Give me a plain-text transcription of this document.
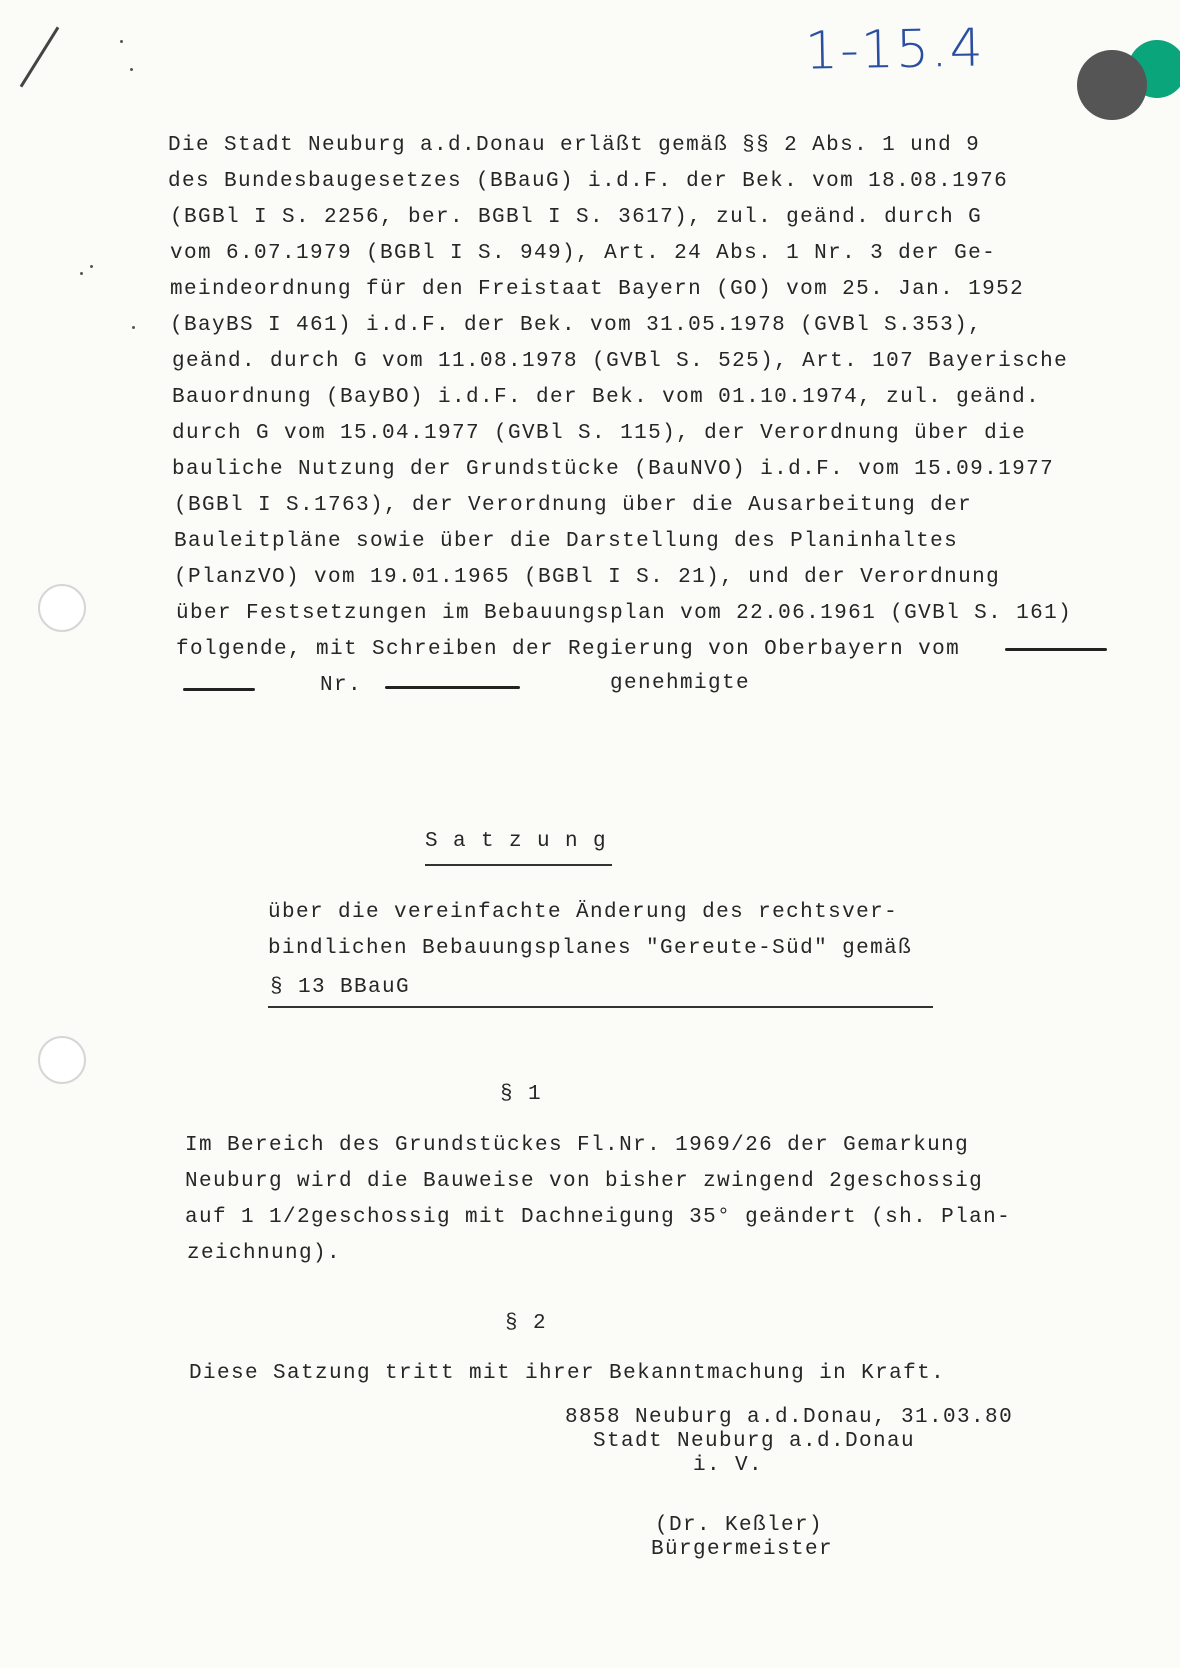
1-15.4
Die Stadt Neuburg a.d.Donau erläßt gemäß §§ 2 Abs. 1 und 9
des Bundesbaugesetzes (BBauG) i.d.F. der Bek. vom 18.08.1976
(BGBl I S. 2256, ber. BGBl I S. 3617), zul. geänd. durch G
vom 6.07.1979 (BGBl I S. 949), Art. 24 Abs. 1 Nr. 3 der Ge-
meindeordnung für den Freistaat Bayern (GO) vom 25. Jan. 1952
(BayBS I 461) i.d.F. der Bek. vom 31.05.1978 (GVBl S.353),
geänd. durch G vom 11.08.1978 (GVBl S. 525), Art. 107 Bayerische
Bauordnung (BayBO) i.d.F. der Bek. vom 01.10.1974, zul. geänd.
durch G vom 15.04.1977 (GVBl S. 115), der Verordnung über die
bauliche Nutzung der Grundstücke (BauNVO) i.d.F. vom 15.09.1977
(BGBl I S.1763), der Verordnung über die Ausarbeitung der
Bauleitpläne sowie über die Darstellung des Planinhaltes
(PlanzVO) vom 19.01.1965 (BGBl I S. 21), und der Verordnung
über Festsetzungen im Bebauungsplan vom 22.06.1961 (GVBl S. 161)
folgende, mit Schreiben der Regierung von Oberbayern vom
Nr.	genehmigte
S a t z u n g
über die vereinfachte Änderung des rechtsver-
bindlichen Bebauungsplanes "Gereute-Süd" gemäß
§ 13 BBauG
§ 1
Im Bereich des Grundstückes Fl.Nr. 1969/26 der Gemarkung
Neuburg wird die Bauweise von bisher zwingend 2geschossig
auf 1 1/2geschossig mit Dachneigung 35° geändert (sh. Plan-
zeichnung).
§ 2
Diese Satzung tritt mit ihrer Bekanntmachung in Kraft.
8858 Neuburg a.d.Donau, 31.03.80
Stadt Neuburg a.d.Donau
i. V.
(Dr. Keßler)
Bürgermeister
